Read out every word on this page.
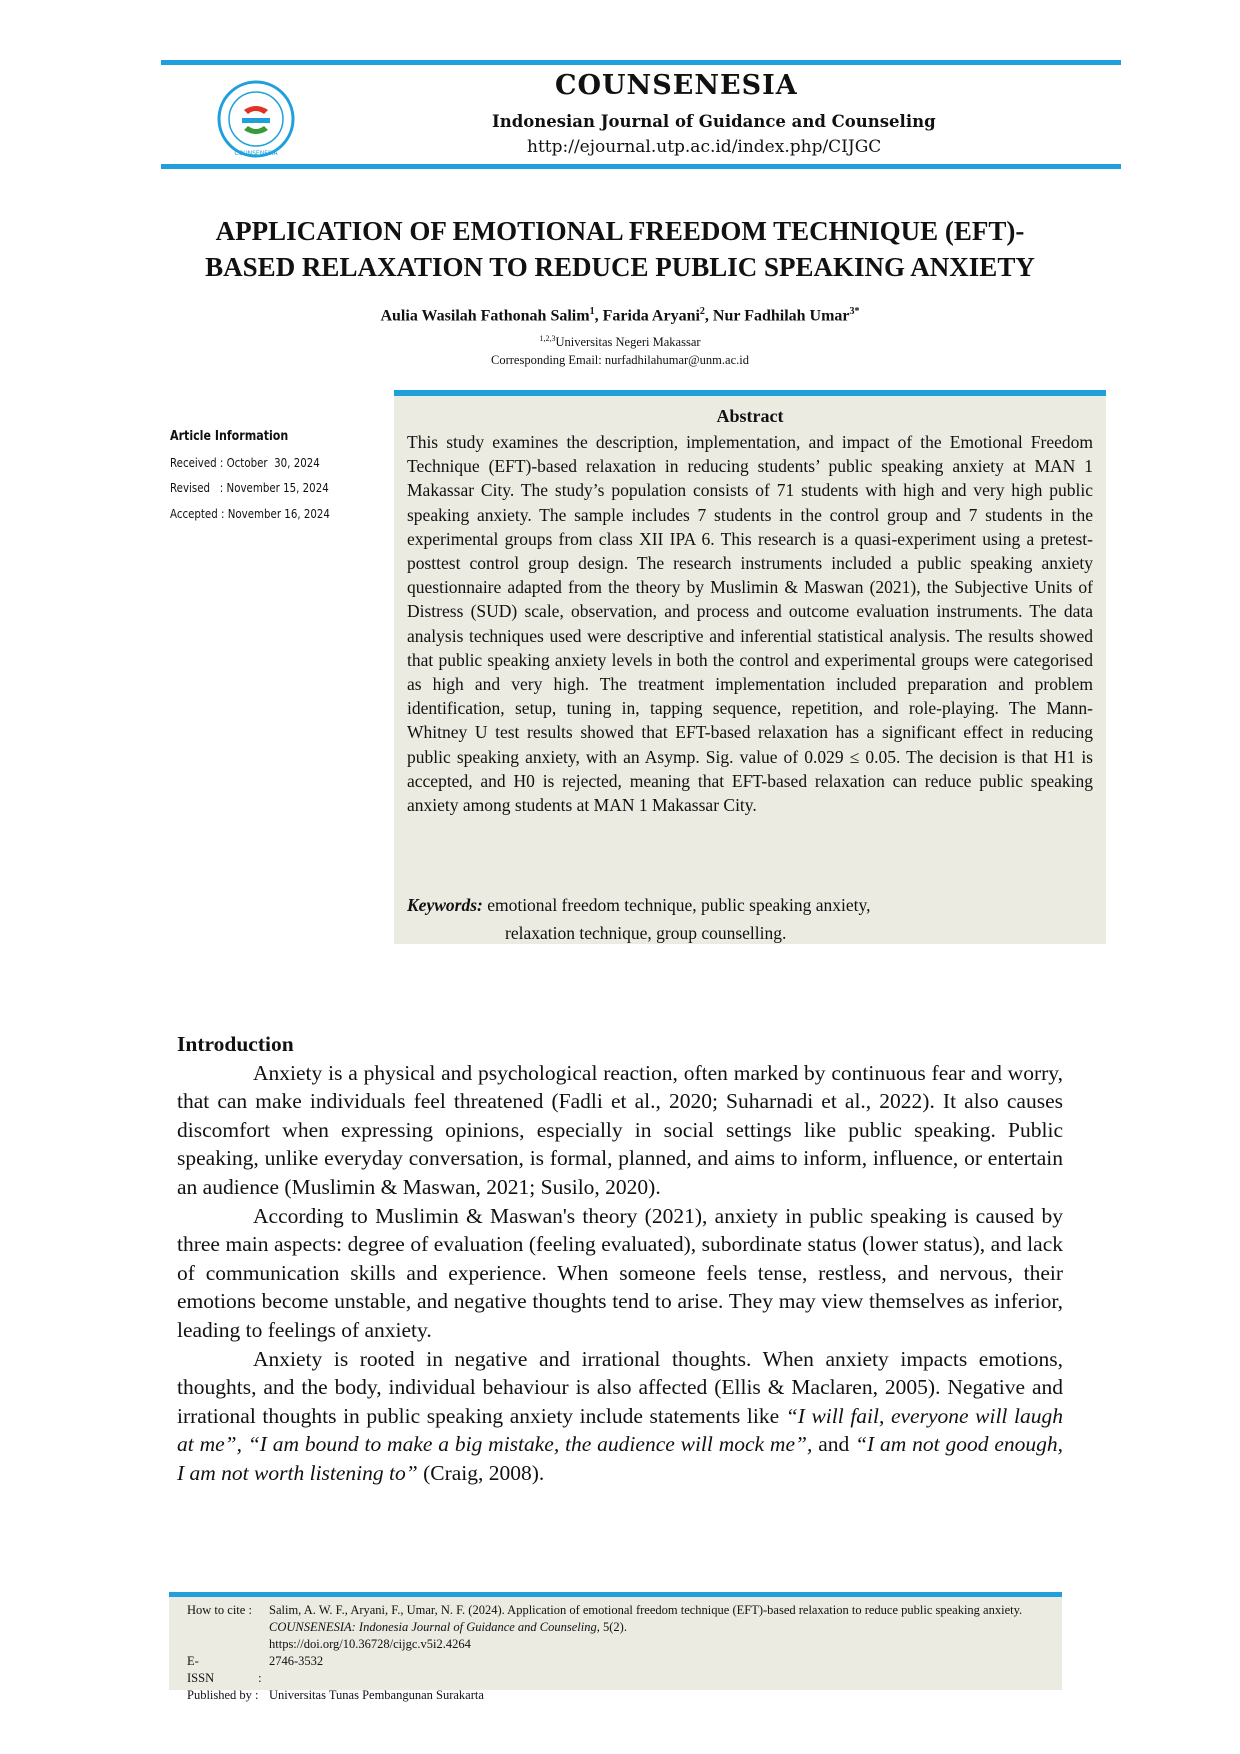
COUNSENESIA
COUNSENESIA
Indonesian Journal of Guidance and Counseling
http://ejournal.utp.ac.id/index.php/CIJGC
APPLICATION OF EMOTIONAL FREEDOM TECHNIQUE (EFT)-
BASED RELAXATION TO REDUCE PUBLIC SPEAKING ANXIETY
Aulia Wasilah Fathonah Salim$^1$, Farida Aryani$^2$, Nur Fadhilah Umar$^{3*}$
$^{1,2,3}$Universitas Negeri Makassar
Corresponding Email: nurfadhilahumar@unm.ac.id
Article Information
Received : October  30, 2024
Revised   : November 15, 2024
Accepted : November 16, 2024
Abstract
This study examines the description, implementation, and impact of the Emotional Freedom Technique (EFT)-based relaxation in reducing students’ public speaking anxiety at MAN 1 Makassar City. The study’s population consists of 71 students with high and very high public speaking anxiety. The sample includes 7 students in the control group and 7 students in the experimental groups from class XII IPA 6. This research is a quasi-experiment using a pretest-posttest control group design. The research instruments included a public speaking anxiety questionnaire adapted from the theory by Muslimin & Maswan (2021), the Subjective Units of Distress (SUD) scale, observation, and process and outcome evaluation instruments. The data analysis techniques used were descriptive and inferential statistical analysis. The results showed that public speaking anxiety levels in both the control and experimental groups were categorised as high and very high. The treatment implementation included preparation and problem identification, setup, tuning in, tapping sequence, repetition, and role-playing. The Mann-Whitney U test results showed that EFT-based relaxation has a significant effect in reducing public speaking anxiety, with an Asymp. Sig. value of 0.029 ≤ 0.05. The decision is that H1 is accepted, and H0 is rejected, meaning that EFT-based relaxation can reduce public speaking anxiety among students at MAN 1 Makassar City.
Keywords: emotional freedom technique, public speaking anxiety,
relaxation technique, group counselling.
Introduction

Anxiety is a physical and psychological reaction, often marked by continuous fear and worry, that can make individuals feel threatened (Fadli et al., 2020; Suharnadi et al., 2022). It also causes discomfort when expressing opinions, especially in social settings like public speaking. Public speaking, unlike everyday conversation, is formal, planned, and aims to inform, influence, or entertain an audience (Muslimin & Maswan, 2021; Susilo, 2020).

According to Muslimin & Maswan's theory (2021), anxiety in public speaking is caused by three main aspects: degree of evaluation (feeling evaluated), subordinate status (lower status), and lack of communication skills and experience. When someone feels tense, restless, and nervous, their emotions become unstable, and negative thoughts tend to arise. They may view themselves as inferior, leading to feelings of anxiety.

Anxiety is rooted in negative and irrational thoughts. When anxiety impacts emotions, thoughts, and the body, individual behaviour is also affected (Ellis & Maclaren, 2005). Negative and irrational thoughts in public speaking anxiety include statements like “I will fail, everyone will laugh at me”, “I am bound to make a big mistake, the audience will mock me”, and “I am not good enough, I am not worth listening to” (Craig, 2008).

How to cite :	Salim, A. W. F., Aryani, F., Umar, N. F. (2024). Application of emotional freedom technique (EFT)-based relaxation to reduce public speaking anxiety. COUNSENESIA: Indonesia Journal of Guidance and Counseling, 5(2).
https://doi.org/10.36728/cijgc.v5i2.4264
E-ISSN	:
2746-3532
Published by : Universitas Tunas Pembangunan Surakarta
